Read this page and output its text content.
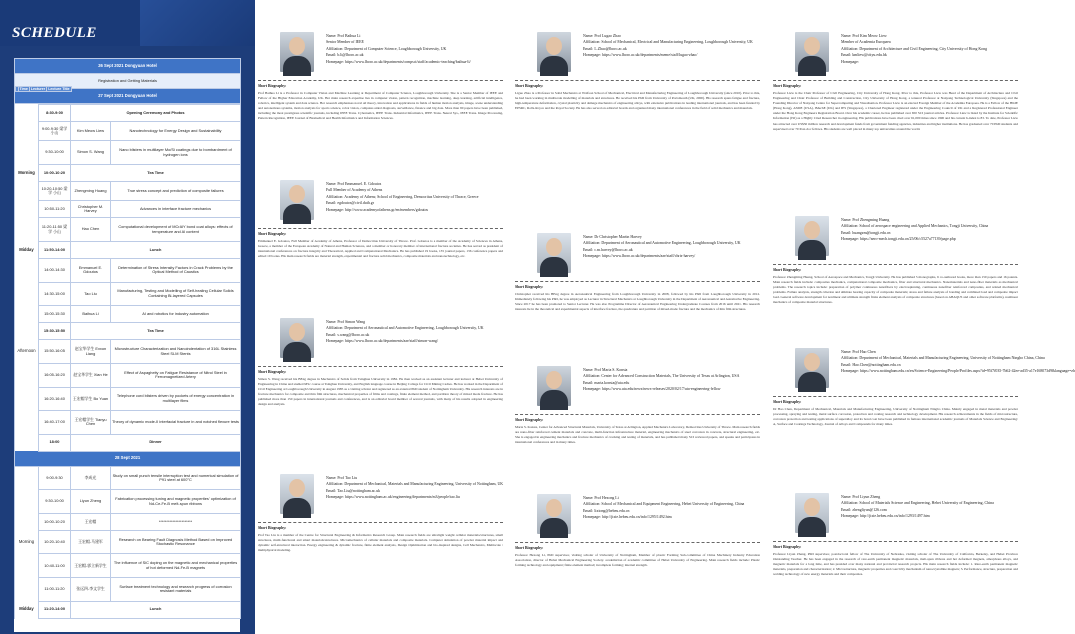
SCHEDULE
26 Sept 2021 Dongyuan Hotel
Registration and Getting Materials
27 Sept 2021 Dongyuan Hotel

	Time	Lecturer	Lecture Title
	8:30-9:00	Opening Ceremony and Photos
	9:00-9:30 梁学 小山	Kim Meow Liew	Nanotechnology for Energy Design and Sustainability
	9:30-10:00	Simon S. Wang	Nano blisters in multilayer Mo/Si coatings due to bombardment of hydrogen ions
Morning	10:00-10:20	Tea Time
	10:20-10:50 梁学 小山	Zhengming Huang	True stress concept and prediction of composite failures
	10:50-11:20	Christopher M. Harvey	Advances in interface fracture mechanics
	11:20-11:50 梁学 小山	Hao Chen	Computational development of MCrAlY bond coat alloys: effects of temperature and Al content
Midday	11:50-14:00	Lunch
	14:00-14:30	Emmanuel E. Gdoutos	Determination of Stress Intensity Factors in Crack Problems by the Optical Method of Caustics
	14:30-15:00	Tao Liu	Manufacturing, Testing and Modelling of Self-healing Cellular Solids Containing Bi-layered Capsules
	15:00-15:30	Baihua Li	AI and robotics for industry automation
	15:30-15:50	Tea Time
Afternoon	15:50-16:05	赵宝华学生 Exxon Liang	Microstructure Characterization and Nanoindentation of 316L Stainless Steel SLM Stents
	16:05-16:20	赵宝华学生 Xian He	Effect of Aspagheity on Fatigue Resistance of Nitrol Steel in Ferromagnetized Artery
	16:20-16:40	王宏帽学生 Bo Yuan	Telephone cord blisters driven by pockets of energy concentration in multilayer films
	16:40-17:00	王宏帽学生 Tianyu Chen	Theory of dynamic mode-II interfacial fracture in and notched flexure tests
	18:00	Dinner
28 Sept 2021
	9:00-9:30	李成光	Study on small punch tensile interruption test and numerical simulation of P91 steel at 600°C
	9:30-10:00	Liyun Zheng	Fabrication processing tuning and magnetic properties' optimization of Nd-Ce-Fe-B melt-spun ribbons
	10:00-10:20	王宏帽	**********************
Morning	10:20-10:40	王宏帽-马建军	Research on Bearing Fault Diagnosis Method Based on Improved Stochastic Resonance
	10:40-11:00	王宏帽-郭立新学生	The influence of SiC doping on the magnetic and mechanical properties of hot deformed Nd-Fe-B magnets
	11:00-11:20	张远四-李文学生	Surface treatment technology and research progress of corrosion resistant materials
Midday	11:20-14:00	Lunch
Name: Prof Baihua Li
Senior Member of IEEE
Affiliation: Department of Computer Science, Loughborough University, UK
Email: b.li@lboro.ac.uk
Homepage: https://www.lboro.ac.uk/departments/compsci/staff/academic-teaching/baihua-li/
Short Biography:
Prof Baihua Li is a Professor in Computer Vision and Machine Learning at Department of Computer Science, Loughborough University. She is a Senior Member of IEEE and Fellow of the Higher Education Academy, UK. Her main research expertise lies in computer vision, pattern recognition, machine learning, deep learning, artificial intelligence, robotics, intelligent system and data science. Her research emphasises novel AI theory, innovation and applications in fields of human motion analysis, image, scene understanding and autonomous systems, motion analysis for sports science, robot vision, computer-aided diagnosis, surveillance, finance and big data. More than 90 papers have been published, including the most prestigious scientific journals, including IEEE Trans. Cybernetics, IEEE Trans. Industrial Informatics, IEEE Trans. Neural Sys., IEEE Trans. Image Processing, Pattern Recognition, IEEE Journal of Biomedical and Health Informatics and Information Sciences.
Name: Prof Emmanuel. E. Gdoutos
Full Member of Academy of Athens
Affiliation: Academy of Athens; School of Engineering, Democritus University of Thrace, Greece
Email: egdoutos@civil.duth.gr
Homepage: http://www.academyofathens.gr/en/members/gdoutos
Short Biography:
Emmanuel E. Gdoutos, Full Member of Academy of Athens, Professor of Democritus University of Thrace. Prof. Gdoutos is a member of the Academy of Sciences in Athens, Greece, a member of the European Academy of Natural and Human Sciences, and a member or honorary member of international fracture societies. He has served as president of international conferences on fracture integrity and Theoretical, Applied and Computational Mechanics. He has published 19 books, 135 journal papers, 136 conference papers and edited 19 books. His main research fields are material strength, experimental and fracture solid mechanics, composite materials and nanotechnology, etc.
Name: Prof Simon Wang
Affiliation: Department of Aeronautical and Automotive Engineering, Loughborough University, UK
Email: s.wang@lboro.ac.uk
Homepage: https://www.lboro.ac.uk/departments/aae/staff/simon-wang/
Short Biography:
Simon S. Wang received his BEng degree in Mechanics of Solids from Tsinghua University in 1982. He then worked as an assistant lecturer and lecturer at Hebei University of Engineering in China and studied MSc course at Tsinghua University, and English language course in Beijing College for Civil Mining Cadres. He has worked in the Department of Civil Engineering at Loughborough University in August 1985 as a visiting scholar and registered as an external PhD student of Nottingham University. His research interests are in fracture mechanics for composite and thin film structures, mechanical properties of films and coatings, finite element method, and partition theory of mixed mode fracture. He has published more than 150 papers in international journals and conferences, and is an editorial board member of several journals, with many of his results adopted in engineering design and analysis.
Name: Prof Tao Liu
Affiliation: Department of Mechanical, Materials and Manufacturing Engineering, University of Nottingham, UK
Email: Tao.Liu@nottingham.ac.uk
Homepage: https://www.nottingham.ac.uk/engineering/departments/m3/people/tao.liu
Short Biography:
Prof Tao Liu is a member of the Centre for Structural Engineering & Informatics Research Group. Main research fields are ultralight weight cellular materials/structures, small structures, multi-functional and smart materials/structures. Micromechanics of cellular materials and composite materials. Computer simulation of powder material impact and dynamic self-structural interaction. Energy engineering & dynamic fracture, finite element analysis, Design Optimization and bio-inspired designs, Cell Mechanics, Multiscale / multiphysical modeling.
Name: Prof Lugao Zhao
Affiliation: School of Mechanical, Electrical and Manufacturing Engineering, Loughborough University, UK
Email: L.Zhao@lboro.ac.uk
Homepage: https://www.lboro.ac.uk/departments/meme/staff/lugao-zhao/
Short Biography:
Liguo Zhao is a Professor in Solid Mechanics at Wolfson School of Mechanical, Electrical and Manufacturing Engineering of Loughborough University (since 2010). Prior to this, he had been working in multiscale modelling of materials and structures. He received his PhD from University of Portsmouth (UK, 2000). His research spans fatigue and fracture, high-temperature deformation, crystal plasticity and damage mechanics of engineering alloys, with extensive publications in leading international journals, and has been funded by EPSRC, Rolls-Royce and the Royal Society. He has also served on editorial boards and organized many international conferences in the field of solid mechanics and materials.
Name: Dr Christopher Martin Harvey
Affiliation: Department of Aeronautical and Automotive Engineering, Loughborough University, UK
Email: c.m.harvey@lboro.ac.uk
Homepage: https://www.lboro.ac.uk/departments/aae/staff/chris-harvey/
Short Biography:
Christopher received his BEng degree in Aeronautical Engineering from Loughborough University in 2008, followed by his PhD from Loughborough University in 2012. Immediately following his PhD, he was employed as Lecturer in Structural Mechanics at Loughborough University in the Department of Aeronautical and Automotive Engineering. Since 2017 he has been promoted to Senior Lecturer. He was also Programme Director of Aeronautical Engineering Undergraduate Courses from 2016 until 2021. His research interests lie in the theoretical and experimental aspects of interface fracture, the quadrature and partition of mixed-mode fracture and the mechanics of thin film structures.
Name: Prof Maria S. Konsta
Affiliation: Center for Advanced Construction Materials, The University of Texas at Arlington, USA
Email: maria.konsta@uta.edu
Homepage: https://www.uta.edu/news/news-releases/2020/02/17/uta-engineering-fellow
Short Biography:
Maria S. Konsta, Center for Advanced Structural Materials, University of Texas at Arlington, Applied Mechanics Laboratory, Democritus University of Thrace. Main research fields are nano-fiber reinforced cement materials and concrete, multi-function infrastructure material, engineering mechanics of steel corrosion in concrete, structural engineering, etc. She is engaged in engineering mechanics and fracture mechanics of cracking and testing of materials, and has published many SCI reviewed papers, and speaks and participates in international conferences and in many times.
Name: Prof Hexong Li
Affiliation: School of Mechanical and Equipment Engineering, Hebei University of Engineering, China
Email: lixiong@hebeu.edu.cn
Homepage: http://jixie.hebeu.edu.cn/info/1295/1492.htm
Short Biography:
Professor Hexong Li, PhD supervisor, visiting scholar of University of Nottingham, Member of plastic Forming Sub-committee of China Machinery Industry Education Association, director of Hebei Mechanical Engineering Society. academician of academic committee of Hebei University of Engineering. Main research fields include: Plastic forming technology and equipment; finite element method; incomplete forming; internal strength.
Name: Prof Kim Meow Liew
Member of Academia Europaea
Affiliation: Department of Architecture and Civil Engineering, City University of Hong Kong
Email: kmliew@cityu.edu.hk
Homepage:
Short Biography:
Professor Liew is the Chair Professor of Civil Engineering, City University of Hong Kong. Prior to this, Professor Liew was Head of the Department of Architecture and Civil Engineering and Chair Professor of Building and Construction, City University of Hong Kong, a tenured Professor at Nanyang Technological University (Singapore) and the Founding Director of Nanyang Centre for Supercomputing and Visualisation. Professor Liew is an elected Foreign Member of the Academia Europaea. He is a Fellow of the HKIE (Hong Kong), ASME (USA), IMechE (UK) and IES (Singapore), a Chartered Engineer registered under the Engineering Council of UK and a Registered Professional Engineer under the Hong Kong Engineers Registration Board. Over his academic career, he has published over 650 SCI journal articles. Professor Liew is listed by the Institute for Scientific Information (ISI) as a Highly Cited Researcher in engineering. His publications have been cited over 61,000 times since 1990 and his current h-index is 83. To date, Professor Liew has attracted over US$30 million research and development funds from government funding agencies, industries and higher institutions. He has graduated over 70 PhD students and supervised over 70 Post-doc fellows. His students are well placed in many top universities around the world.
Name: Prof Zhengming Huang
Affiliation: School of aerospace engineering and Applied Mechanics, Tongji University, China
Email: huangzm@tongji.edu.cn
Homepage: https://aero-mech.tongji.edu.cn/25/06/c5527a77139/page.php
Short Biography:
Professor Zhengming Huang, School of Aerospace and Mechanics, Tongji University. He has published 5 monographs, 6 co-authored books, more than 150 papers and 16 patents. Main research fields include: composites mechanics, computational composite mechanics, fiber and structural mechanics. Nanomaterials and nano-fiber materials as mechanical problems. The research topics include: preparation of polymer continuous nanofibers by electrospinning, continuous nanofiber reinforced composites, and related mechanical problems. Failure analysis, strength criterion and ultimate bearing capacity of composite materials; stress and failure analysis of bonding and combined load and composite impact load. General software development for nonlinear and ultimate strength finite element analysis of composite structures (based on ABAQUS and other software platforms), nonlinear mechanics of composite material structures.
Name: Prof Hao Chen
Affiliation: Department of Mechanical, Materials and Manufacturing Engineering, University of Nottingham Ningbo China, China
Email: Hao.Chen@nottingham.edu.cn
Homepage: https://www.nottingham.edu.cn/en/Science-Engineering/People/Profiles.aspx?id=95f7f035-7b62-42ee-ad35-a17e168073d9&language=zh
Short Biography:
Dr Hao Chen, Department of Mechanical, Materials and Manufacturing Engineering, University of Nottingham Ningbo China. Mainly engaged in metal materials and powder processing, spraying and testing, metal surface corrosion, protection and coating research and technology development. His research achievements in the fields of microstructure, corrosion protection and testing applications of superalloy and its bond coat have been published in famous international academic journals of Materials Science and Engineering: A, Surface and Coatings Technology, Journal of Alloys and Compounds for many times.
Name: Prof Liyun Zheng
Affiliation: School of Materials Science and Engineering, Hebei University of Engineering, China
Email: zhengliyun@126.com
Homepage: http://jixie.hebeu.edu.cn/info/1293/1497.htm
Short Biography:
Professor Liyun Zheng, PhD supervisor, postdoctoral fellow of The University of Nebraska, visiting scholar of The University of California, Berkeley, and Hebei Province Outstanding Teacher. He has been engaged in the research of rare-earth permanent magnetic materials, melt-spun ribbons and hot deformed magnets, amorphous alloys, and magnetic materials for a long time, and has presided over many national and provincial research projects. His main research fields include: 1. Rare-earth permanent magnetic materials, preparation and characterization; 2. Microstructure, magnetic properties and coercivity mechanism of nanocrystalline magnets; 3. Performance, structure, preparation and welding technology of new energy materials and their composites.
